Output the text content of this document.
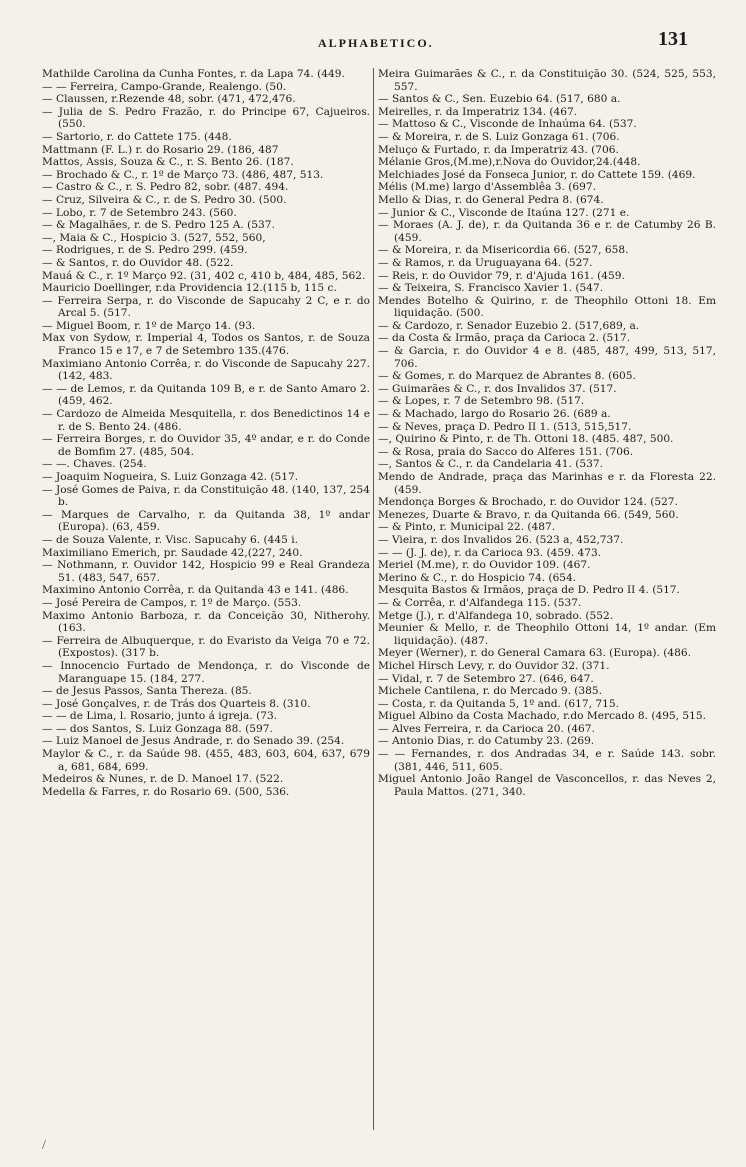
ALPHABETICO.	131

Mathilde Carolina da Cunha Fontes, r. da Lapa 74. (449.

— — Ferreira, Campo-Grande, Realengo. (50.

— Claussen, r.Rezende 48, sobr. (471, 472,476.

— Julia de S. Pedro Frazão, r. do Principe 67, Cajueiros. (550.

— Sartorio, r. do Cattete 175. (448.

Mattmann (F. L.) r. do Rosario 29. (186, 487

Mattos, Assis, Souza & C., r. S. Bento 26. (187.

— Brochado & C., r. 1º de Março 73. (486, 487, 513.

— Castro & C., r. S. Pedro 82, sobr. (487. 494.

— Cruz, Silveira & C., r. de S. Pedro 30. (500.

— Lobo, r. 7 de Setembro 243. (560.

— & Magalhães, r. de S. Pedro 125 A. (537.

—, Maia & C., Hospicio 3. (527, 552, 560,

— Rodrigues, r. de S. Pedro 299. (459.

— & Santos, r. do Ouvidor 48. (522.

Mauá & C., r. 1º Março 92. (31, 402 c, 410 b, 484, 485, 562.

Mauricio Doellinger, r.da Providencia 12.(115 b, 115 c.

— Ferreira Serpa, r. do Visconde de Sapucahy 2 C, e r. do Arcal 5. (517.

— Miguel Boom, r. 1º de Março 14. (93.

Max von Sydow, r. Imperial 4, Todos os Santos, r. de Souza Franco 15 e 17, e 7 de Setembro 135.(476.

Maximiano Antonio Corrêa, r. do Visconde de Sapucahy 227. (142, 483.

— — de Lemos, r. da Quitanda 109 B, e r. de Santo Amaro 2. (459, 462.

— Cardozo de Almeida Mesquitella, r. dos Benedictinos 14 e r. de S. Bento 24. (486.

— Ferreira Borges, r. do Ouvidor 35, 4º andar, e r. do Conde de Bomfim 27. (485, 504.

— —. Chaves. (254.

— Joaquim Nogueira, S. Luiz Gonzaga 42. (517.

— José Gomes de Paiva, r. da Constituição 48. (140, 137, 254 b.

— Marques de Carvalho, r. da Quitanda 38, 1º andar (Europa). (63, 459.

— de Souza Valente, r. Visc. Sapucahy 6. (445 i.

Maximiliano Emerich, pr. Saudade 42,(227, 240.

— Nothmann, r. Ouvidor 142, Hospicio 99 e Real Grandeza 51. (483, 547, 657.

Maximino Antonio Corrêa, r. da Quitanda 43 e 141. (486.

— José Pereira de Campos, r. 1º de Março. (553.

Maximo Antonio Barboza, r. da Conceição 30, Nitherohy. (163.

— Ferreira de Albuquerque, r. do Evaristo da Veiga 70 e 72. (Expostos). (317 b.

— Innocencio Furtado de Mendonça, r. do Visconde de Maranguape 15. (184, 277.

— de Jesus Passos, Santa Thereza. (85.

— José Gonçalves, r. de Trás dos Quarteis 8. (310.

— — de Lima, l. Rosario, junto á igreja. (73.

— — dos Santos, S. Luiz Gonzaga 88. (597.

— Luiz Manoel de Jesus Andrade, r. do Senado 39. (254.

Maylor & C., r. da Saúde 98. (455, 483, 603, 604, 637, 679 a, 681, 684, 699.

Medeiros & Nunes, r. de D. Manoel 17. (522.

Medella & Farres, r. do Rosario 69. (500, 536.

Meira Guimarães & C., r. da Constituição 30. (524, 525, 553, 557.

— Santos & C., Sen. Euzebio 64. (517, 680 a.

Meirelles, r. da Imperatriz 134. (467.

— Mattoso & C., Visconde de Inhaúma 64. (537.

— & Moreira, r. de S. Luiz Gonzaga 61. (706.

Meluço & Furtado, r. da Imperatriz 43. (706.

Mélanie Gros,(M.me),r.Nova do Ouvidor,24.(448.

Melchiades José da Fonseca Junior, r. do Cattete 159. (469.

Mélis (M.me) largo d'Assemblêa 3. (697.

Mello & Dias, r. do General Pedra 8. (674.

— Junior & C., Visconde de Itaúna 127. (271 e.

— Moraes (A. J. de), r. da Quitanda 36 e r. de Catumby 26 B. (459.

— & Moreira, r. da Misericordia 66. (527, 658.

— & Ramos, r. da Uruguayana 64. (527.

— Reis, r. do Ouvidor 79, r. d'Ajuda 161. (459.

— & Teixeira, S. Francisco Xavier 1. (547.

Mendes Botelho & Quirino, r. de Theophilo Ottoni 18. Em liquidação. (500.

— & Cardozo, r. Senador Euzebio 2. (517,689, a.

— da Costa & Irmão, praça da Carioca 2. (517.

— & Garcia, r. do Ouvidor 4 e 8. (485, 487, 499, 513, 517, 706.

— & Gomes, r. do Marquez de Abrantes 8. (605.

— Guimarães & C., r. dos Invalidos 37. (517.

— & Lopes, r. 7 de Setembro 98. (517.

— & Machado, largo do Rosario 26. (689 a.

— & Neves, praça D. Pedro II 1. (513, 515,517.

—, Quirino & Pinto, r. de Th. Ottoni 18. (485. 487, 500.

— & Rosa, praia do Sacco do Alferes 151. (706.

—, Santos & C., r. da Candelaria 41. (537.

Mendo de Andrade, praça das Marinhas e r. da Floresta 22. (459.

Mendonça Borges & Brochado, r. do Ouvidor 124. (527.

Menezes, Duarte & Bravo, r. da Quitanda 66. (549, 560.

— & Pinto, r. Municipal 22. (487.

— Vieira, r. dos Invalidos 26. (523 a, 452,737.

— — (J. J. de), r. da Carioca 93. (459. 473.

Meriel (M.me), r. do Ouvidor 109. (467.

Merino & C., r. do Hospicio 74. (654.

Mesquita Bastos & Irmãos, praça de D. Pedro II 4. (517.

— & Corrêa, r. d'Alfandega 115. (537.

Metge (J.), r. d'Alfandega 10, sobrado. (552.

Meunier & Mello, r. de Theophilo Ottoni 14, 1º andar. (Em liquidação). (487.

Meyer (Werner), r. do General Camara 63. (Europa). (486.

Michel Hirsch Levy, r. do Ouvidor 32. (371.

— Vidal, r. 7 de Setembro 27. (646, 647.

Michele Cantilena, r. do Mercado 9. (385.

— Costa, r. da Quitanda 5, 1º and. (617, 715.

Miguel Albino da Costa Machado, r.do Mercado 8. (495, 515.

— Alves Ferreira, r. da Carioca 20. (467.

— Antonio Dias, r. do Catumby 23. (269.

— — Fernandes, r. dos Andradas 34, e r. Saúde 143. sobr. (381, 446, 511, 605.

Miguel Antonio João Rangel de Vasconcellos, r. das Neves 2, Paula Mattos. (271, 340.

/
